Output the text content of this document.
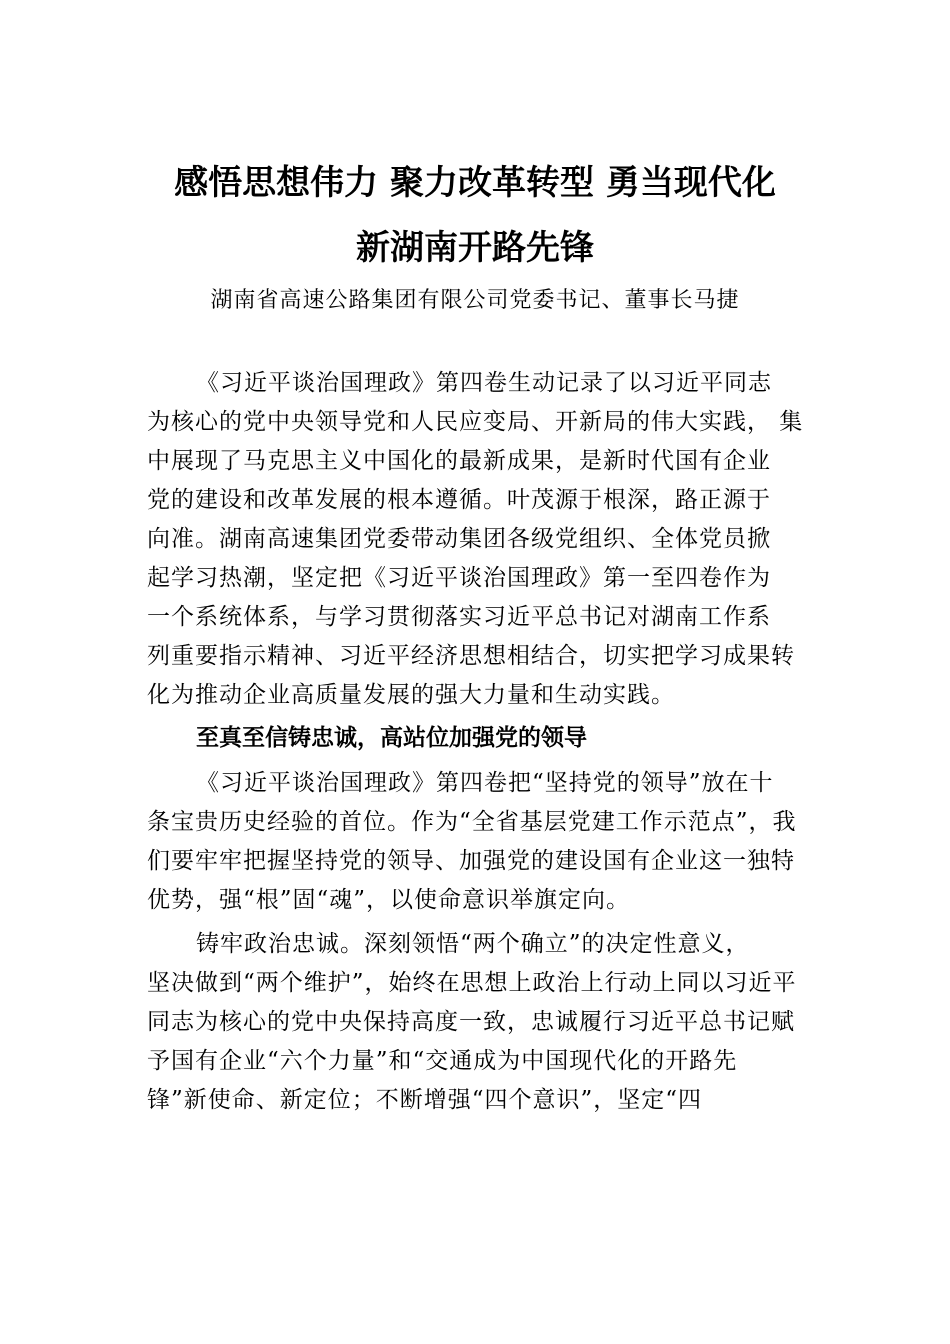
感悟思想伟力 聚力改革转型 勇当现代化
新湖南开路先锋
湖南省高速公路集团有限公司党委书记、董事长马捷
《习近平谈治国理政》第四卷生动记录了以习近平同志
为核心的党中央领导党和人民应变局、开新局的伟大实践， 集
中展现了马克思主义中国化的最新成果，是新时代国有企业
党的建设和改革发展的根本遵循。叶茂源于根深，路正源于
向准。湖南高速集团党委带动集团各级党组织、全体党员掀
起学习热潮，坚定把《习近平谈治国理政》第一至四卷作为
一个系统体系，与学习贯彻落实习近平总书记对湖南工作系
列重要指示精神、习近平经济思想相结合，切实把学习成果转
化为推动企业高质量发展的强大力量和生动实践。
至真至信铸忠诚，高站位加强党的领导
《习近平谈治国理政》第四卷把“坚持党的领导”放在十
条宝贵历史经验的首位。作为“全省基层党建工作示范点”，我
们要牢牢把握坚持党的领导、加强党的建设国有企业这一独特
优势，强“根”固“魂”，以使命意识举旗定向。
铸牢政治忠诚。深刻领悟“两个确立”的决定性意义，
坚决做到“两个维护”，始终在思想上政治上行动上同以习近平
同志为核心的党中央保持高度一致，忠诚履行习近平总书记赋
予国有企业“六个力量”和“交通成为中国现代化的开路先
锋”新使命、新定位；不断增强“四个意识”，坚定“四
